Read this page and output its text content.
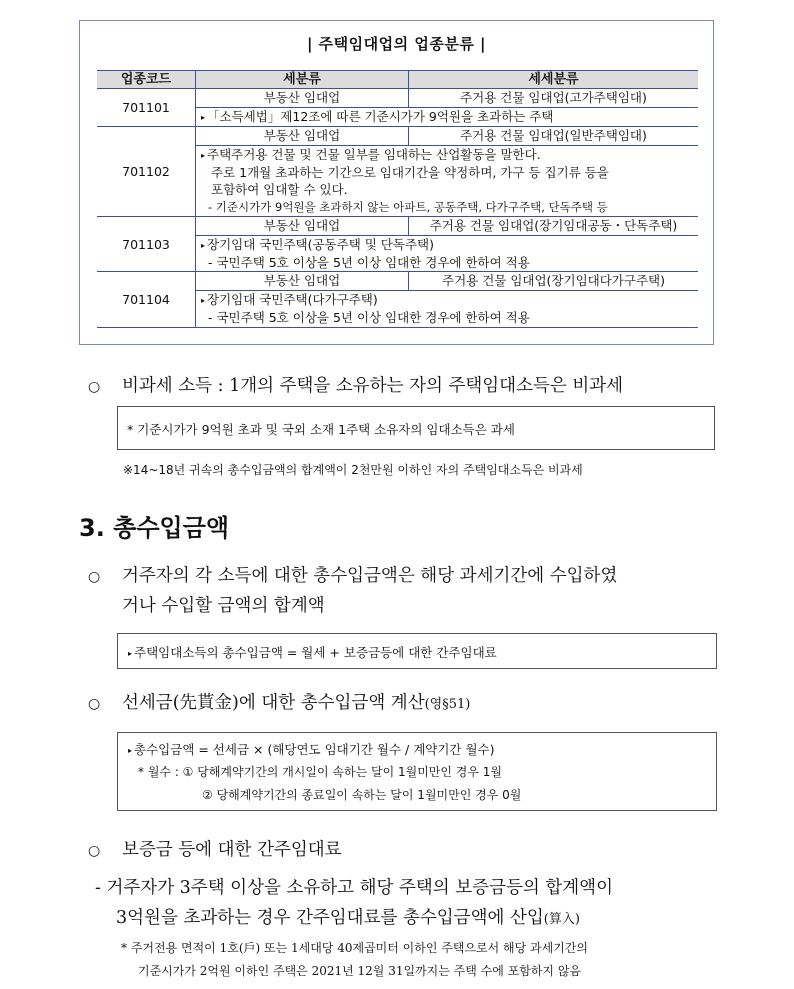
| 주택임대업의 업종분류 |
업종코드	세분류	세세분류
701101	부동산 임대업	주거용 건물 임대업(고가주택임대)

	▸ 「소득세법」제12조에 따른 기준시가가 9억원을 초과하는 주택	

701102	부동산 임대업	주거용 건물 임대업(일반주택임대)

	▸ 주택주거용 건물 및 건물 일부를 임대하는 산업활동을 말한다.
주로 1개월 초과하는 기간으로 임대기간을 약정하며, 가구 등 집기류 등을
포함하여 임대할 수 있다.
- 기준시가가 9억원을 초과하지 않는 아파트, 공동주택, 다가구주택, 단독주택 등	

701103	부동산 임대업	주거용 건물 임대업(장기임대공동・단독주택)

	▸ 장기임대 국민주택(공동주택 및 단독주택)
- 국민주택 5호 이상을 5년 이상 임대한 경우에 한하여 적용	

701104	부동산 임대업	주거용 건물 임대업(장기임대다가구주택)

	▸ 장기임대 국민주택(다가구주택)
- 국민주택 5호 이상을 5년 이상 임대한 경우에 한하여 적용	
○ 비과세 소득 : 1개의 주택을 소유하는 자의 주택임대소득은 비과세
* 기준시가가 9억원 초과 및 국외 소재 1주택 소유자의 임대소득은 과세
※14~18년 귀속의 총수입금액의 합계액이 2천만원 이하인 자의 주택임대소득은 비과세
3. 총수입금액
○ 거주자의 각 소득에 대한 총수입금액은 해당 과세기간에 수입하였
거나 수입할 금액의 합계액
▸ 주택임대소득의 총수입금액 = 월세 + 보증금등에 대한 간주임대료
○ 선세금(先貰金)에 대한 총수입금액 계산(영§51)
▸ 총수입금액 = 선세금 × (해당연도 임대기간 월수 / 계약기간 월수)
* 월수 : ① 당해계약기간의 개시일이 속하는 달이 1월미만인 경우 1월
② 당해계약기간의 종료일이 속하는 달이 1월미만인 경우 0월
○ 보증금 등에 대한 간주임대료
- 거주자가 3주택 이상을 소유하고 해당 주택의 보증금등의 합계액이
3억원을 초과하는 경우 간주임대료를 총수입금액에 산입(算入)
* 주거전용 면적이 1호(戶) 또는 1세대당 40제곱미터 이하인 주택으로서 해당 과세기간의
기준시가가 2억원 이하인 주택은 2021년 12월 31일까지는 주택 수에 포함하지 않음
